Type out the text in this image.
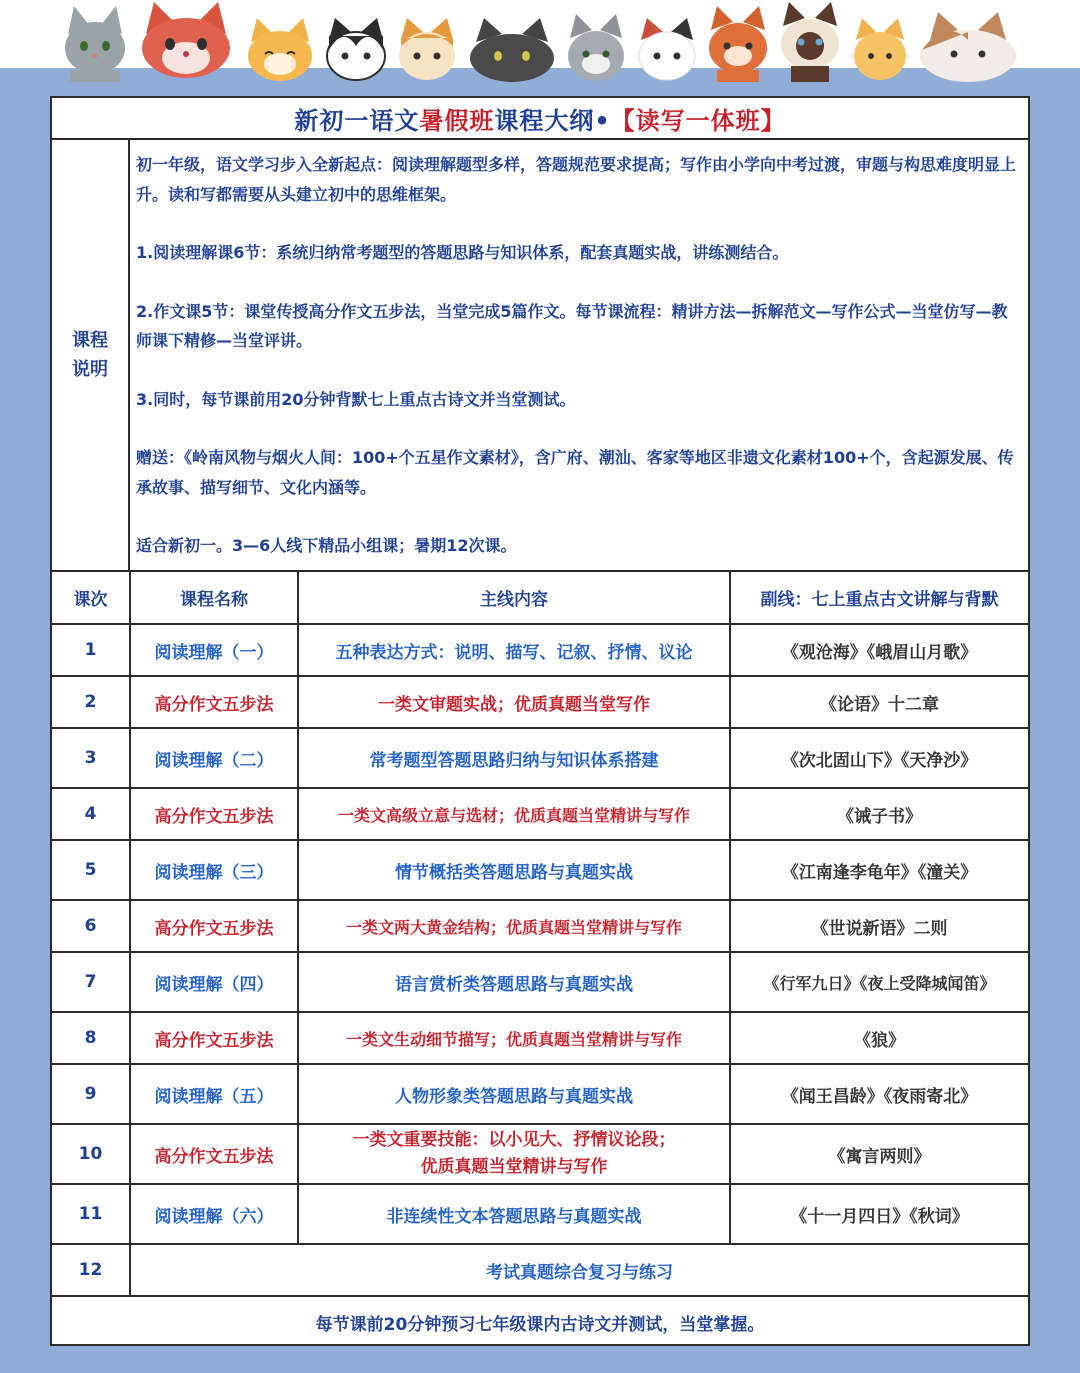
新初一语文 暑假班 课程大纲• 【读写一体班】
课程
说明

初一年级，语文学习步入全新起点：阅读理解题型多样，答题规范要求提高；写作由小学向中考过渡，审题与构思难度明显上升。读和写都需要从头建立初中的思维框架。

1.阅读理解课6节：系统归纳常考题型的答题思路与知识体系，配套真题实战，讲练测结合。

2.作文课5节：课堂传授高分作文五步法，当堂完成5篇作文。每节课流程：精讲方法—拆解范文—写作公式—当堂仿写—教师课下精修—当堂评讲。

3.同时，每节课前用20分钟背默七上重点古诗文并当堂测试。

赠送：《岭南风物与烟火人间：100+个五星作文素材》，含广府、潮汕、客家等地区非遗文化素材100+个，含起源发展、传承故事、描写细节、文化内涵等。

适合新初一。3—6人线下精品小组课；暑期12次课。

课次	课程名称	主线内容	副线：七上重点古文讲解与背默
1	阅读理解（一）	五种表达方式：说明、描写、记叙、抒情、议论	《观沧海》《峨眉山月歌》
2	高分作文五步法	一类文审题实战；优质真题当堂写作	《论语》十二章
3	阅读理解（二）	常考题型答题思路归纳与知识体系搭建	《次北固山下》《天净沙》
4	高分作文五步法	一类文高级立意与选材；优质真题当堂精讲与写作	《诫子书》
5	阅读理解（三）	情节概括类答题思路与真题实战	《江南逢李龟年》《潼关》
6	高分作文五步法	一类文两大黄金结构；优质真题当堂精讲与写作	《世说新语》二则
7	阅读理解（四）	语言赏析类答题思路与真题实战	《行军九日》《夜上受降城闻笛》
8	高分作文五步法	一类文生动细节描写；优质真题当堂精讲与写作	《狼》
9	阅读理解（五）	人物形象类答题思路与真题实战	《闻王昌龄》《夜雨寄北》
10	高分作文五步法	一类文重要技能：以小见大、抒情议论段；
优质真题当堂精讲与写作	《寓言两则》
11	阅读理解（六）	非连续性文本答题思路与真题实战	《十一月四日》《秋词》
12	考试真题综合复习与练习		
每节课前20分钟预习七年级课内古诗文并测试，当堂掌握。
